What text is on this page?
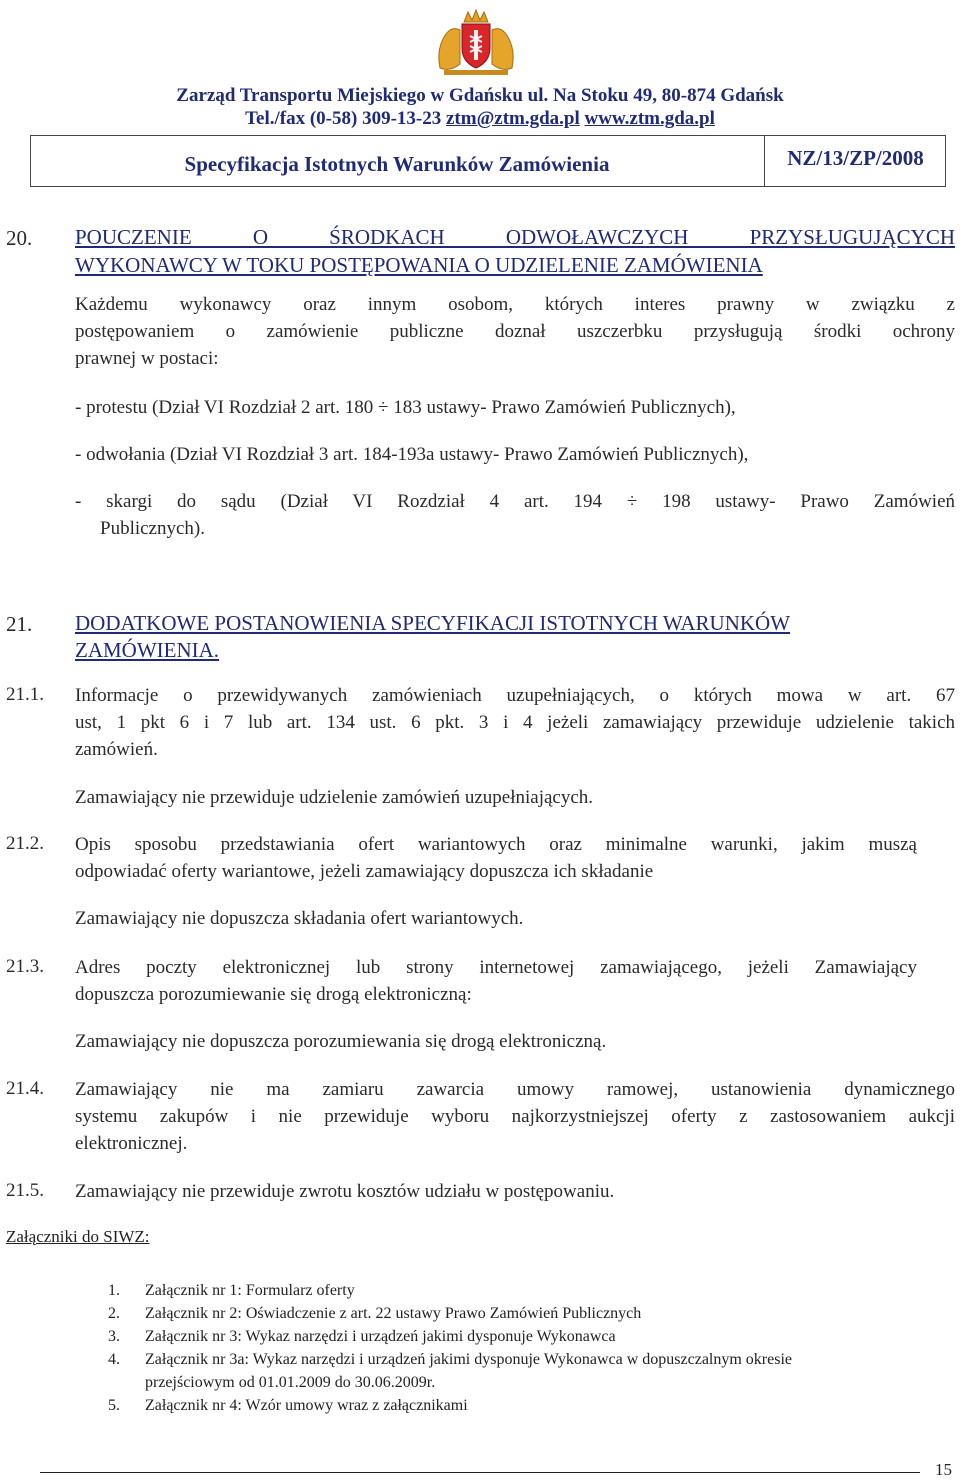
Zarząd Transportu Miejskiego w Gdańsku ul. Na Stoku 49, 80-874 Gdańsk
Tel./fax (0-58) 309-13-23 ztm@ztm.gda.pl www.ztm.gda.pl
Specyfikacja Istotnych Warunków Zamówienia	NZ/13/ZP/2008
20. POUCZENIE O ŚRODKACH ODWOŁAWCZYCH PRZYSŁUGUJĄCYCH
WYKONAWCY W TOKU POSTĘPOWANIA O UDZIELENIE ZAMÓWIENIA
Każdemu wykonawcy oraz innym osobom, których interes prawny w związku z
postępowaniem o zamówienie publiczne doznał uszczerbku przysługują środki ochrony
prawnej w postaci:
- protestu (Dział VI Rozdział 2 art. 180 ÷ 183 ustawy- Prawo Zamówień Publicznych),
- odwołania (Dział VI Rozdział 3 art. 184-193a ustawy- Prawo Zamówień Publicznych),
- skargi do sądu (Dział VI Rozdział 4 art. 194 ÷ 198 ustawy- Prawo Zamówień
Publicznych).
21. DODATKOWE POSTANOWIENIA SPECYFIKACJI ISTOTNYCH WARUNKÓW
ZAMÓWIENIA.
21.1. Informacje o przewidywanych zamówieniach uzupełniających, o których mowa w art. 67
ust, 1 pkt 6 i 7 lub art. 134 ust. 6 pkt. 3 i 4 jeżeli zamawiający przewiduje udzielenie takich
zamówień.
Zamawiający nie przewiduje udzielenie zamówień uzupełniających.
21.2. Opis sposobu przedstawiania ofert wariantowych oraz minimalne warunki, jakim muszą
odpowiadać oferty wariantowe, jeżeli zamawiający dopuszcza ich składanie
Zamawiający nie dopuszcza składania ofert wariantowych.
21.3. Adres poczty elektronicznej lub strony internetowej zamawiającego, jeżeli Zamawiający
dopuszcza porozumiewanie się drogą elektroniczną:
Zamawiający nie dopuszcza porozumiewania się drogą elektroniczną.
21.4. Zamawiający nie ma zamiaru zawarcia umowy ramowej, ustanowienia dynamicznego
systemu zakupów i nie przewiduje wyboru najkorzystniejszej oferty z zastosowaniem aukcji
elektronicznej.
21.5. Zamawiający nie przewiduje zwrotu kosztów udziału w postępowaniu.
Załączniki do SIWZ:
1. Załącznik nr 1: Formularz oferty
2. Załącznik nr 2: Oświadczenie z art. 22 ustawy Prawo Zamówień Publicznych
3. Załącznik nr 3: Wykaz narzędzi i urządzeń jakimi dysponuje Wykonawca
4. Załącznik nr 3a: Wykaz narzędzi i urządzeń jakimi dysponuje Wykonawca w dopuszczalnym okresie
przejściowym od 01.01.2009 do 30.06.2009r.
5. Załącznik nr 4: Wzór umowy wraz z załącznikami
15
